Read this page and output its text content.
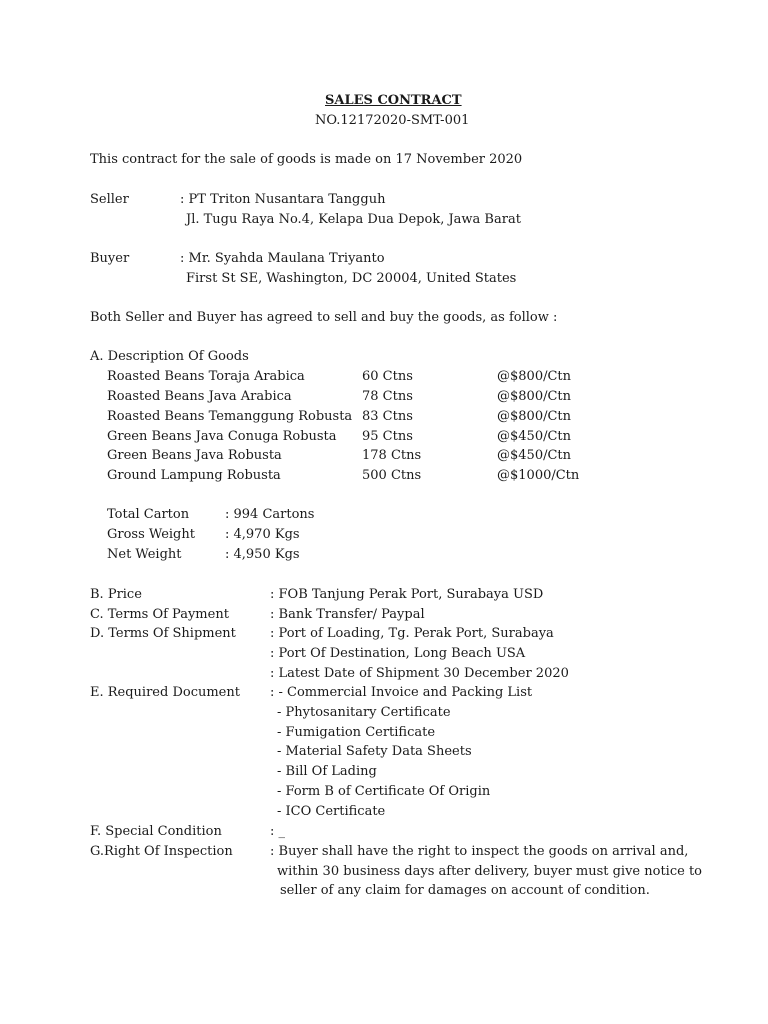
SALES CONTRACT
NO.12172020-SMT-001
This contract for the sale of goods is made on 17 November 2020
Seller	: PT Triton Nusantara Tangguh
Jl. Tugu Raya No.4, Kelapa Dua Depok, Jawa Barat
Buyer	: Mr. Syahda Maulana Triyanto
First St SE, Washington, DC 20004, United States
Both Seller and Buyer has agreed to sell and buy the goods, as follow :
A. Description Of Goods
Roasted Beans Toraja Arabica	60 Ctns	@$800/Ctn
Roasted Beans Java Arabica	78 Ctns	@$800/Ctn
Roasted Beans Temanggung Robusta 83 Ctns	@$800/Ctn
Green Beans Java Conuga Robusta 95 Ctns	@$450/Ctn
Green Beans Java Robusta	178 Ctns	@$450/Ctn
Ground Lampung Robusta	500 Ctns	@$1000/Ctn
Total Carton	: 994 Cartons
Gross Weight : 4,970 Kgs
Net Weight	: 4,950 Kgs
B. Price	: FOB Tanjung Perak Port, Surabaya USD
C. Terms Of Payment	: Bank Transfer/ Paypal
D. Terms Of Shipment	: Port of Loading, Tg. Perak Port, Surabaya
: Port Of Destination, Long Beach USA
: Latest Date of Shipment 30 December 2020
E. Required Document : - Commercial Invoice and Packing List
- Phytosanitary Certificate
- Fumigation Certificate
- Material Safety Data Sheets
- Bill Of Lading
- Form B of Certificate Of Origin
- ICO Certificate
F. Special Condition	: _
G.Right Of Inspection	: Buyer shall have the right to inspect the goods on arrival and,
within 30 business days after delivery, buyer must give notice to
seller of any claim for damages on account of condition.
